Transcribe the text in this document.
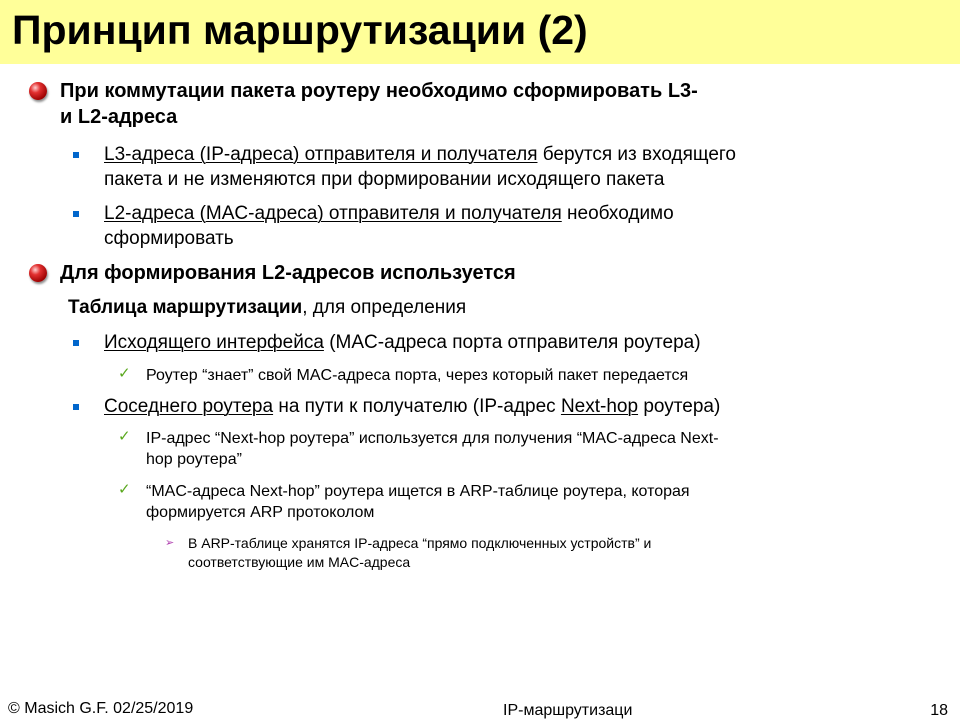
Принцип маршрутизации (2)
При коммутации пакета роутеру необходимо сформировать L3-
и L2-адреса
L3-адреса (IP-адреса) отправителя и получателя берутся из входящего
пакета и не изменяются при формировании исходящего пакета
L2-адреса (MAC-адреса) отправителя и получателя необходимо
сформировать
Для формирования L2-адресов используется
Таблица маршрутизации, для определения
Исходящего интерфейса (MAC-адреса порта отправителя роутера)
✓ Роутер “знает” свой MAC-адреса порта, через который пакет передается
Соседнего роутера на пути к получателю (IP-адрес Next-hop роутера)
✓ IP-адрес “Next-hop роутера” используется для получения “MAC-адреса Next-
hop роутера”
✓ “MAC-адреса Next-hop” роутера ищется в ARP-таблице роутера, которая
формируется ARP протоколом
➢ В ARP-таблице хранятся IP-адреса “прямо подключенных устройств” и
соответствующие им MAC-адреса
© Masich G.F. 02/25/2019	IP-маршрутизаци	18
